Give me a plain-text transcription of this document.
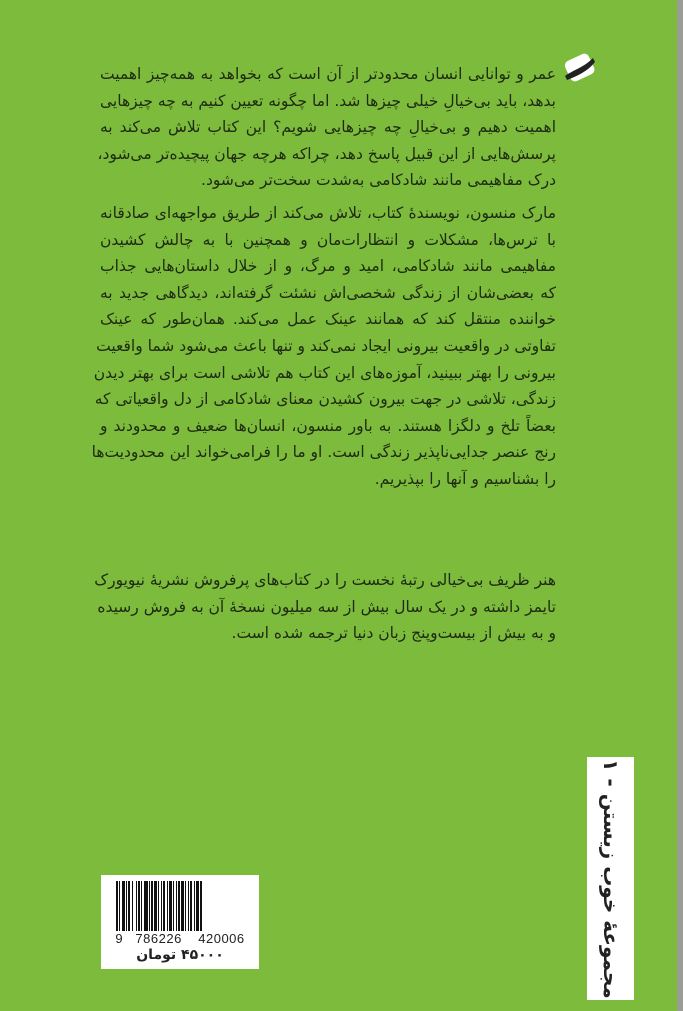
عمر و توانایی انسان محدودتر از آن است که بخواهد به همه‌چیز اهمیت
بدهد، باید بی‌خیالِ خیلی چیزها شد. اما چگونه تعیین کنیم به چه چیزهایی
اهمیت دهیم و بی‌خیالِ چه چیزهایی شویم؟ این کتاب تلاش می‌کند به
پرسش‌هایی از این قبیل پاسخ دهد، چراکه هرچه جهان پیچیده‌تر می‌شود،
درک مفاهیمی مانند شادکامی به‌شدت سخت‌تر می‌شود.
مارک منسون، نویسندهٔ کتاب، تلاش می‌کند از طریق مواجهه‌ای صادقانه
با ترس‌ها، مشکلات و انتظارات‌مان و همچنین با به چالش کشیدن
مفاهیمی مانند شادکامی، امید و مرگ، و از خلال داستان‌هایی جذاب
که بعضی‌شان از زندگی شخصی‌اش نشئت گرفته‌اند، دیدگاهی جدید به
خواننده منتقل کند که همانند عینک عمل می‌کند. همان‌طور که عینک
تفاوتی در واقعیت بیرونی ایجاد نمی‌کند و تنها باعث می‌شود شما واقعیت
بیرونی را بهتر ببینید، آموزه‌های این کتاب هم تلاشی است برای بهتر دیدن
زندگی، تلاشی در جهت بیرون کشیدن معنای شادکامی از دل واقعیاتی که
بعضاً تلخ و دلگزا هستند. به باور منسون، انسان‌ها ضعیف و محدودند و
رنج عنصر جدایی‌ناپذیر زندگی است. او ما را فرامی‌خواند این محدودیت‌ها
را بشناسیم و آنها را بپذیریم.
هنر ظریف بی‌خیالی رتبهٔ نخست را در کتاب‌های پرفروش نشریهٔ نیویورک
تایمز داشته و در یک سال بیش از سه میلیون نسخهٔ آن به فروش رسیده
و به بیش از بیست‌وپنج زبان دنیا ترجمه شده است.
9 786226 420006
۴۵۰۰۰ تومان
مجموعهٔ خوب زیستن - ۱
